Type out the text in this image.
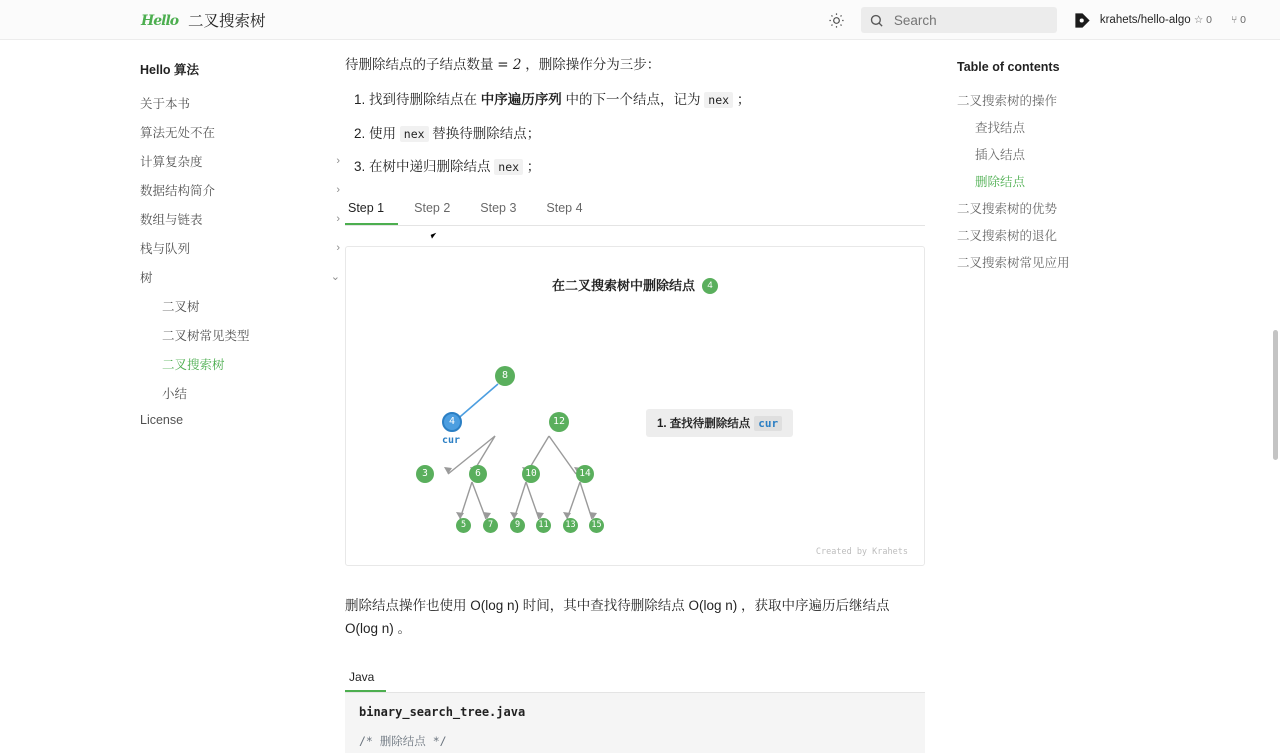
Hello 二叉搜索树
Search	krahets/hello-algo ☆ 0 ⑂ 0
Hello 算法
关于本书
算法无处不在
计算复杂度	›
数据结构简介	›
数组与链表	›
栈与队列	›
树	⌄
二叉树
二叉树常见类型
二叉搜索树
小结
License

待删除结点的子结点数量 = 2 ，删除操作分为三步：

1. 找到待删除结点在 中序遍历序列 中的下一个结点，记为 nex ；
2. 使用 nex 替换待删除结点；
3. 在树中递归删除结点 nex ；
Step 1	Step 2	Step 3	Step 4
在二叉搜索树中删除结点 4
8
4	12
cur
3	6	10	14
5	7	9	11 13 15
1. 查找待删除结点 cur
Created by Krahets

删除结点操作也使用 O(log n) 时间，其中查找待删除结点 O(log n) ，获取中序遍历后继结点 O(log n) 。

Java
binary_search_tree.java
/* 删除结点 */
Table of contents
二叉搜索树的操作
查找结点
插入结点
删除结点
二叉搜索树的优势
二叉搜索树的退化
二叉搜索树常见应用
